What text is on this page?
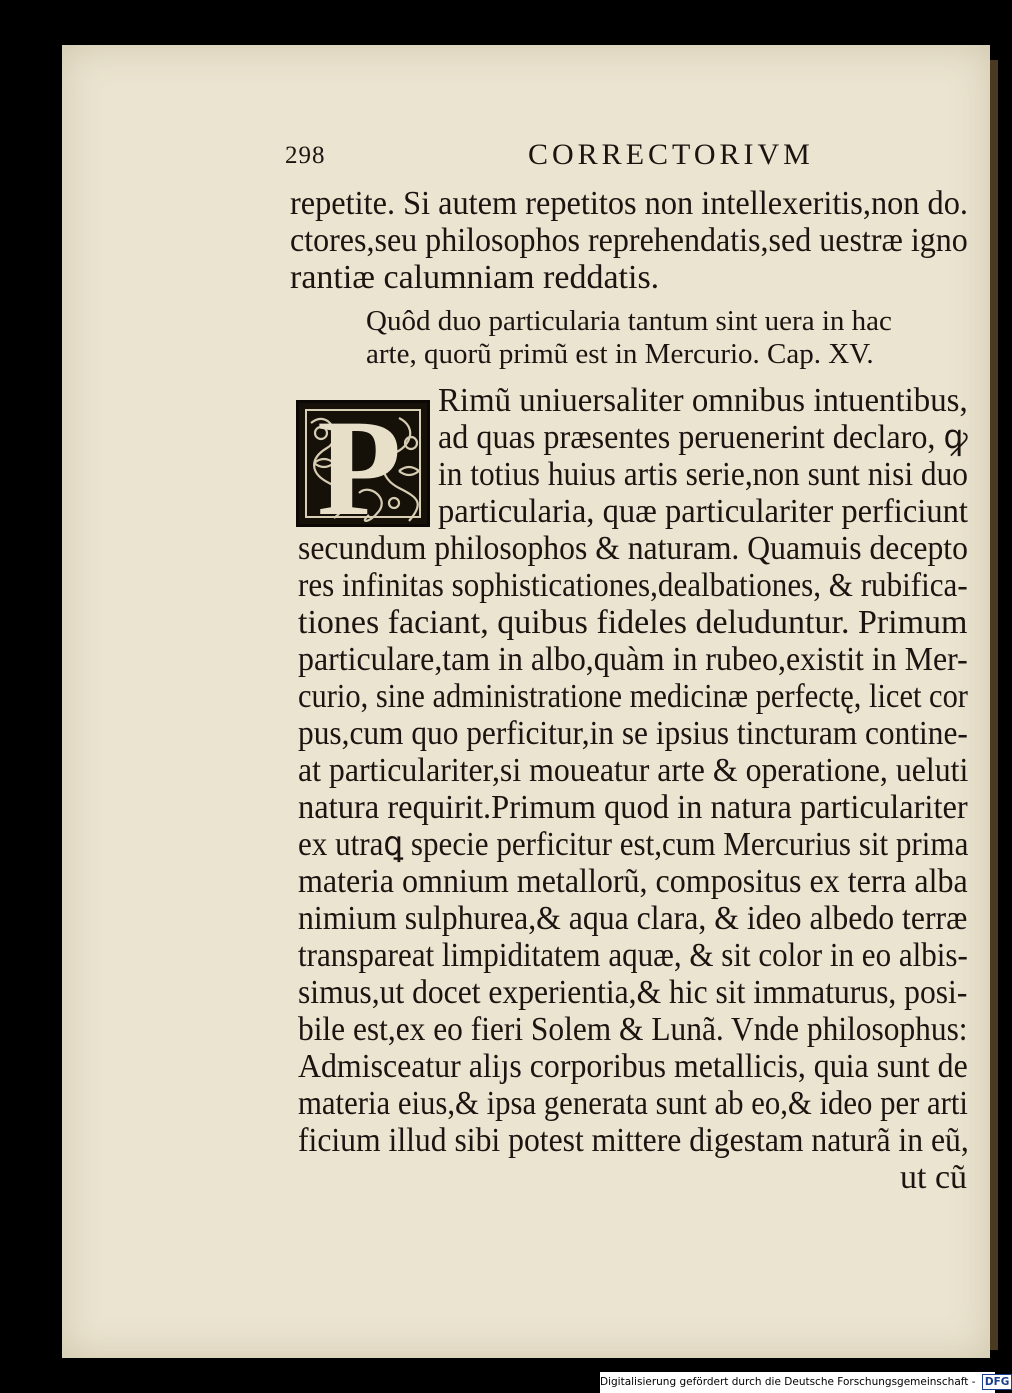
298	CORRECTORIVM
repetite. Si autem repetitos non intellexeritis,non do.
ctores,seu philosophos reprehendatis,sed uestræ igno
rantiæ calumniam reddatis.
Quôd duo particularia tantum sint uera in hac
arte, quorũ primũ est in Mercurio. Cap. XV.
P Rimũ uniuersaliter omnibus intuentibus,
ad quas præsentes peruenerint declaro, ꝙ
in totius huius artis serie,non sunt nisi duo
particularia, quæ particulariter perficiunt
secundum philosophos & naturam. Quamuis decepto
res infinitas sophisticationes,dealbationes, & rubifica-
tiones faciant, quibus fideles deluduntur. Primum
particulare,tam in albo,quàm in rubeo,existit in Mer-
curio, sine administratione medicinæ perfectę, licet cor
pus,cum quo perficitur,in se ipsius tincturam contine-
at particulariter,si moueatur arte & operatione, ueluti
natura requirit.Primum quod in natura particulariter
ex utraꝗ specie perficitur est,cum Mercurius sit prima
materia omnium metallorũ, compositus ex terra alba
nimium sulphurea,& aqua clara, & ideo albedo terræ
transpareat limpiditatem aquæ, & sit color in eo albis-
simus,ut docet experientia,& hic sit immaturus, posi-
bile est,ex eo fieri Solem & Lunã. Vnde philosophus:
Admisceatur aliȷs corporibus metallicis, quia sunt de
materia eius,& ipsa generata sunt ab eo,& ideo per arti
ficium illud sibi potest mittere digestam naturã in eũ,
ut cũ
Digitalisierung gefördert durch die Deutsche Forschungsgemeinschaft - DFG
